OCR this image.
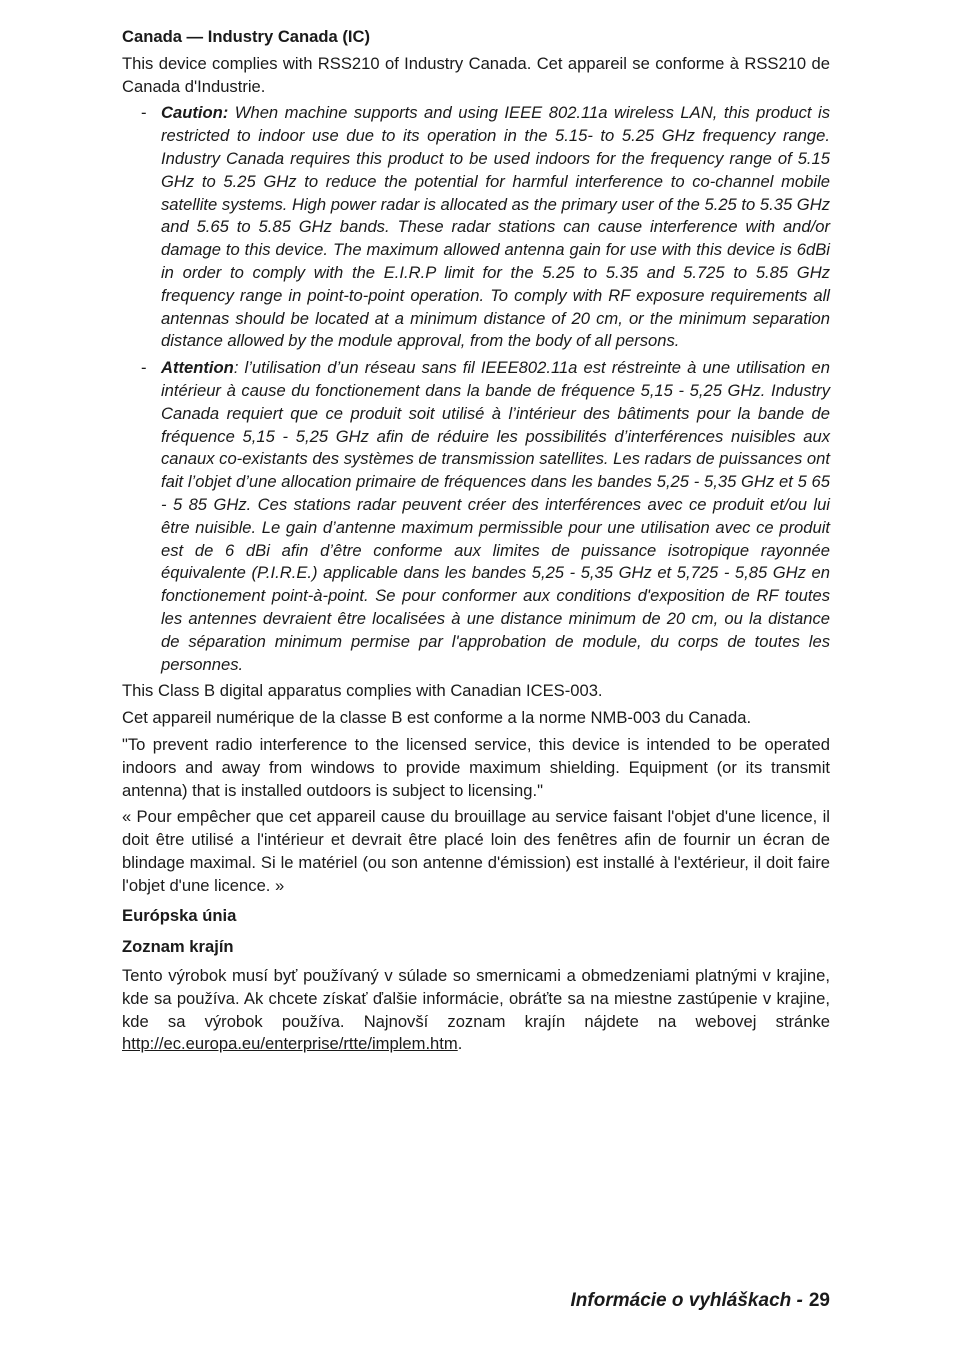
Canada — Industry Canada (IC)
This device complies with RSS210 of Industry Canada. Cet appareil se conforme à RSS210 de Canada d'Industrie.
- Caution: When machine supports and using IEEE 802.11a wireless LAN, this product is restricted to indoor use due to its operation in the 5.15- to 5.25 GHz frequency range. Industry Canada requires this product to be used indoors for the frequency range of 5.15 GHz to 5.25 GHz to reduce the potential for harmful interference to co-channel mobile satellite systems. High power radar is allocated as the primary user of the 5.25 to 5.35 GHz and 5.65 to 5.85 GHz bands. These radar stations can cause interference with and/or damage to this device. The maximum allowed antenna gain for use with this device is 6dBi in order to comply with the E.I.R.P limit for the 5.25 to 5.35 and 5.725 to 5.85 GHz frequency range in point-to-point operation. To comply with RF exposure requirements all antennas should be located at a minimum distance of 20 cm, or the minimum separation distance allowed by the module approval, from the body of all persons.
- Attention: l’utilisation d’un réseau sans fil IEEE802.11a est réstreinte à une utilisation en intérieur à cause du fonctionement dans la bande de fréquence 5,15 - 5,25 GHz. Industry Canada requiert que ce produit soit utilisé à l’intérieur des bâtiments pour la bande de fréquence 5,15 - 5,25 GHz afin de réduire les possibilités d’interférences nuisibles aux canaux co-existants des systèmes de transmission satellites. Les radars de puissances ont fait l’objet d’une allocation primaire de fréquences dans les bandes 5,25 - 5,35 GHz et 5 65 - 5 85 GHz. Ces stations radar peuvent créer des interférences avec ce produit et/ou lui être nuisible. Le gain d’antenne maximum permissible pour une utilisation avec ce produit est de 6 dBi afin d’être conforme aux limites de puissance isotropique rayonnée équivalente (P.I.R.E.) applicable dans les bandes 5,25 - 5,35 GHz et 5,725 - 5,85 GHz en fonctionement point-à-point. Se pour conformer aux conditions d'exposition de RF toutes les antennes devraient être localisées à une distance minimum de 20 cm, ou la distance de séparation minimum permise par l'approbation de module, du corps de toutes les personnes.
This Class B digital apparatus complies with Canadian ICES-003.
Cet appareil numérique de la classe B est conforme a la norme NMB-003 du Canada.
"To prevent radio interference to the licensed service, this device is intended to be operated indoors and away from windows to provide maximum shielding. Equipment (or its transmit antenna) that is installed outdoors is subject to licensing."
« Pour empêcher que cet appareil cause du brouillage au service faisant l'objet d'une licence, il doit être utilisé a l'intérieur et devrait être placé loin des fenêtres afin de fournir un écran de blindage maximal. Si le matériel (ou son antenne d'émission) est installé à l'extérieur, il doit faire l'objet d'une licence. »
Európska únia
Zoznam krajín
Tento výrobok musí byť používaný v súlade so smernicami a obmedzeniami platnými v krajine, kde sa používa. Ak chcete získať ďalšie informácie, obráťte sa na miestne zastúpenie v krajine, kde sa výrobok používa. Najnovší zoznam krajín nájdete na webovej stránke http://ec.europa.eu/enterprise/rtte/implem.htm.
Informácie o vyhláškach - 29
